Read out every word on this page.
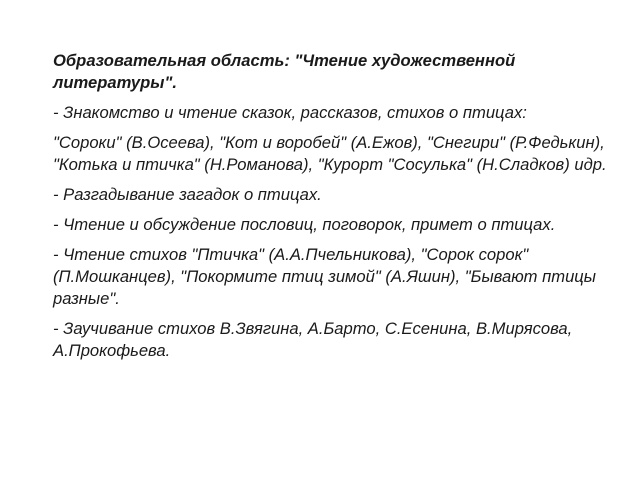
Образовательная область: "Чтение художественной литературы".

- Знакомство и чтение сказок, рассказов, стихов о птицах:

"Сороки" (В.Осеева), "Кот и воробей" (А.Ежов), "Снегири" (Р.Федькин), "Котька и птичка" (Н.Романова), "Курорт "Сосулька" (Н.Сладков) идр.

- Разгадывание загадок о птицах.

- Чтение и обсуждение пословиц, поговорок, примет о птицах.

- Чтение стихов "Птичка" (А.А.Пчельникова), "Сорок сорок" (П.Мошканцев), "Покормите птиц зимой" (А.Яшин), "Бывают птицы разные".

- Заучивание стихов В.Звягина, А.Барто, С.Есенина, В.Мирясова, А.Прокофьева.
